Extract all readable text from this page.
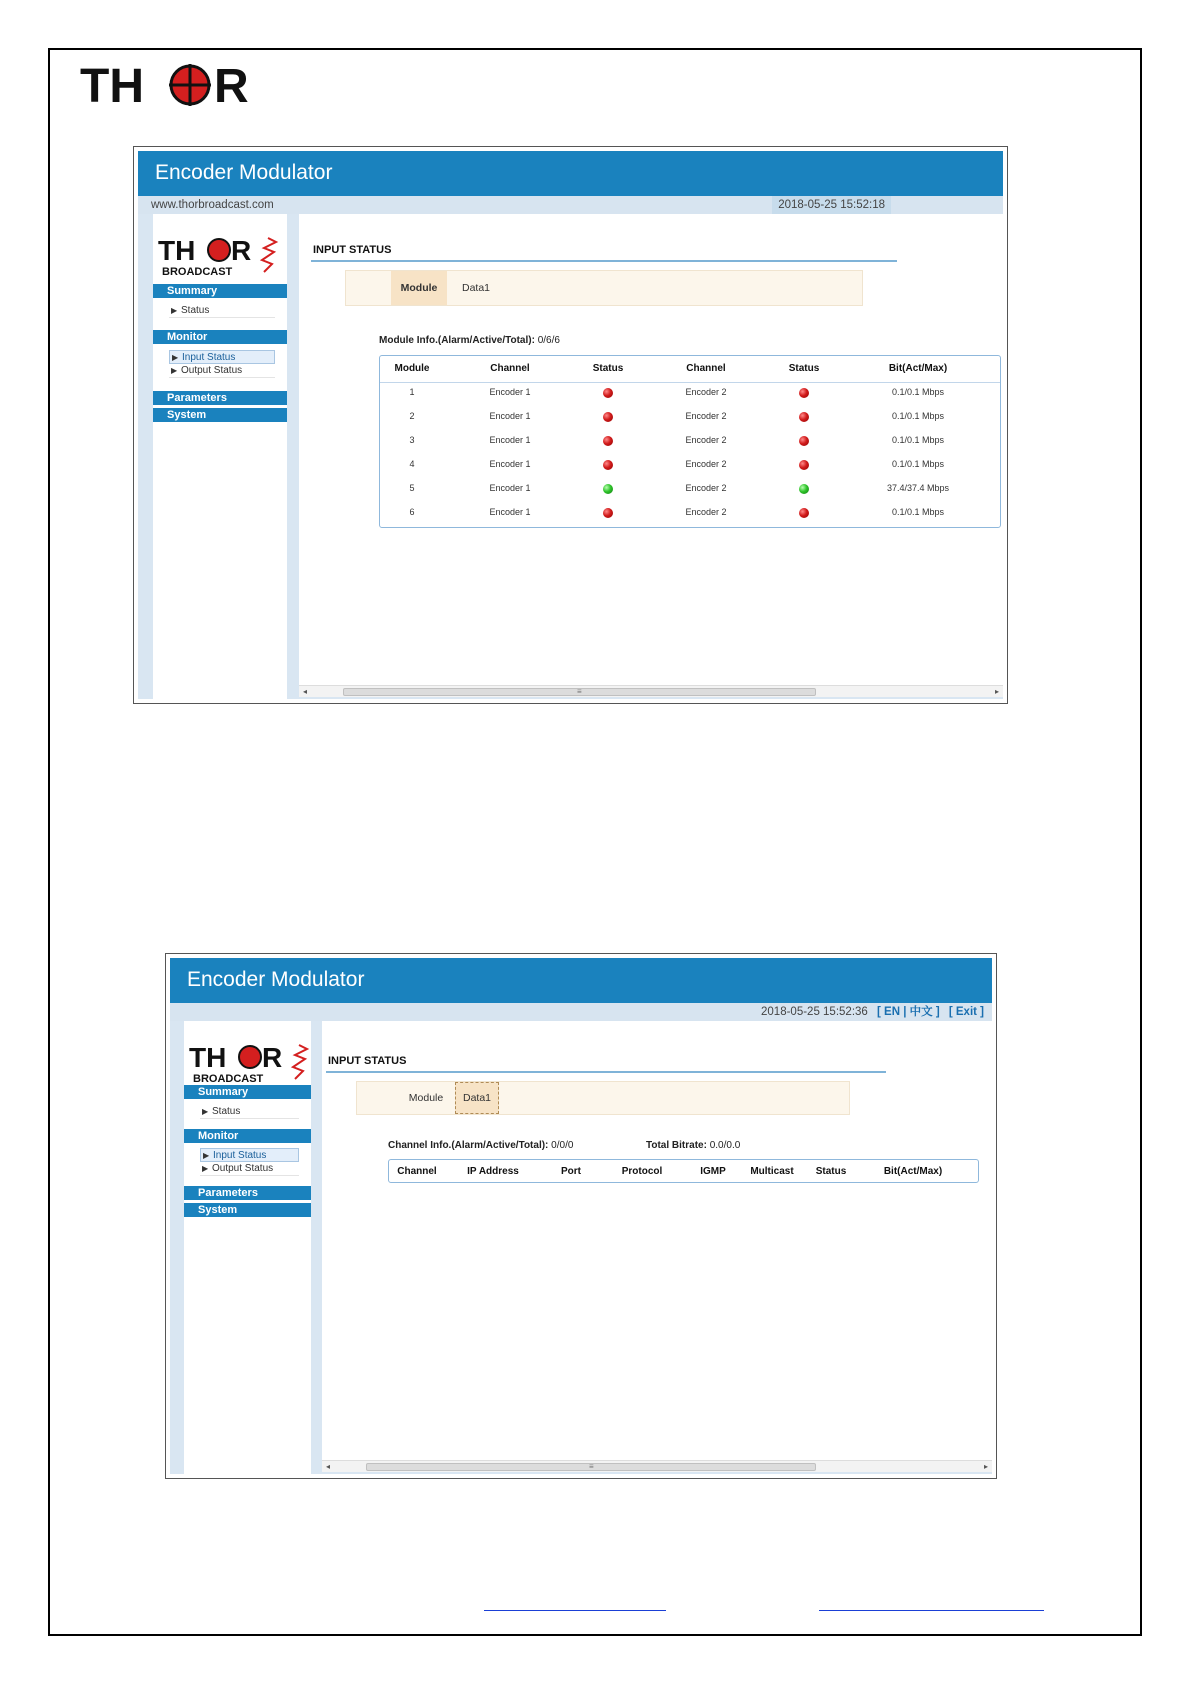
TH R
Encoder Modulator
www.thorbroadcast.com	2018-05-25 15:52:18
TH R
BROADCAST
Summary
▶ Status
Monitor
▶ Input Status
▶ Output Status
Parameters
System
INPUT STATUS
Module	Data1
Module Info.(Alarm/Active/Total): 0/6/6
Module	Channel	Status	Channel	Status	Bit(Act/Max)
1	Encoder 1	Encoder 2	0.1/0.1 Mbps
2	Encoder 1	Encoder 2	0.1/0.1 Mbps
3	Encoder 1	Encoder 2	0.1/0.1 Mbps
4	Encoder 1	Encoder 2	0.1/0.1 Mbps
5	Encoder 1	Encoder 2	37.4/37.4 Mbps
6	Encoder 1	Encoder 2	0.1/0.1 Mbps
◂	≡	▸
Encoder Modulator
2018-05-25 15:52:36 [ EN | 中文 ] [ Exit ]
TH R
BROADCAST
Summary
▶ Status
Monitor
▶ Input Status
▶ Output Status
Parameters
System
INPUT STATUS
Module	Data1
Channel Info.(Alarm/Active/Total): 0/0/0	Total Bitrate: 0.0/0.0
Channel	IP Address	Port	Protocol	IGMP	Multicast	Status	Bit(Act/Max)
◂	≡	▸
